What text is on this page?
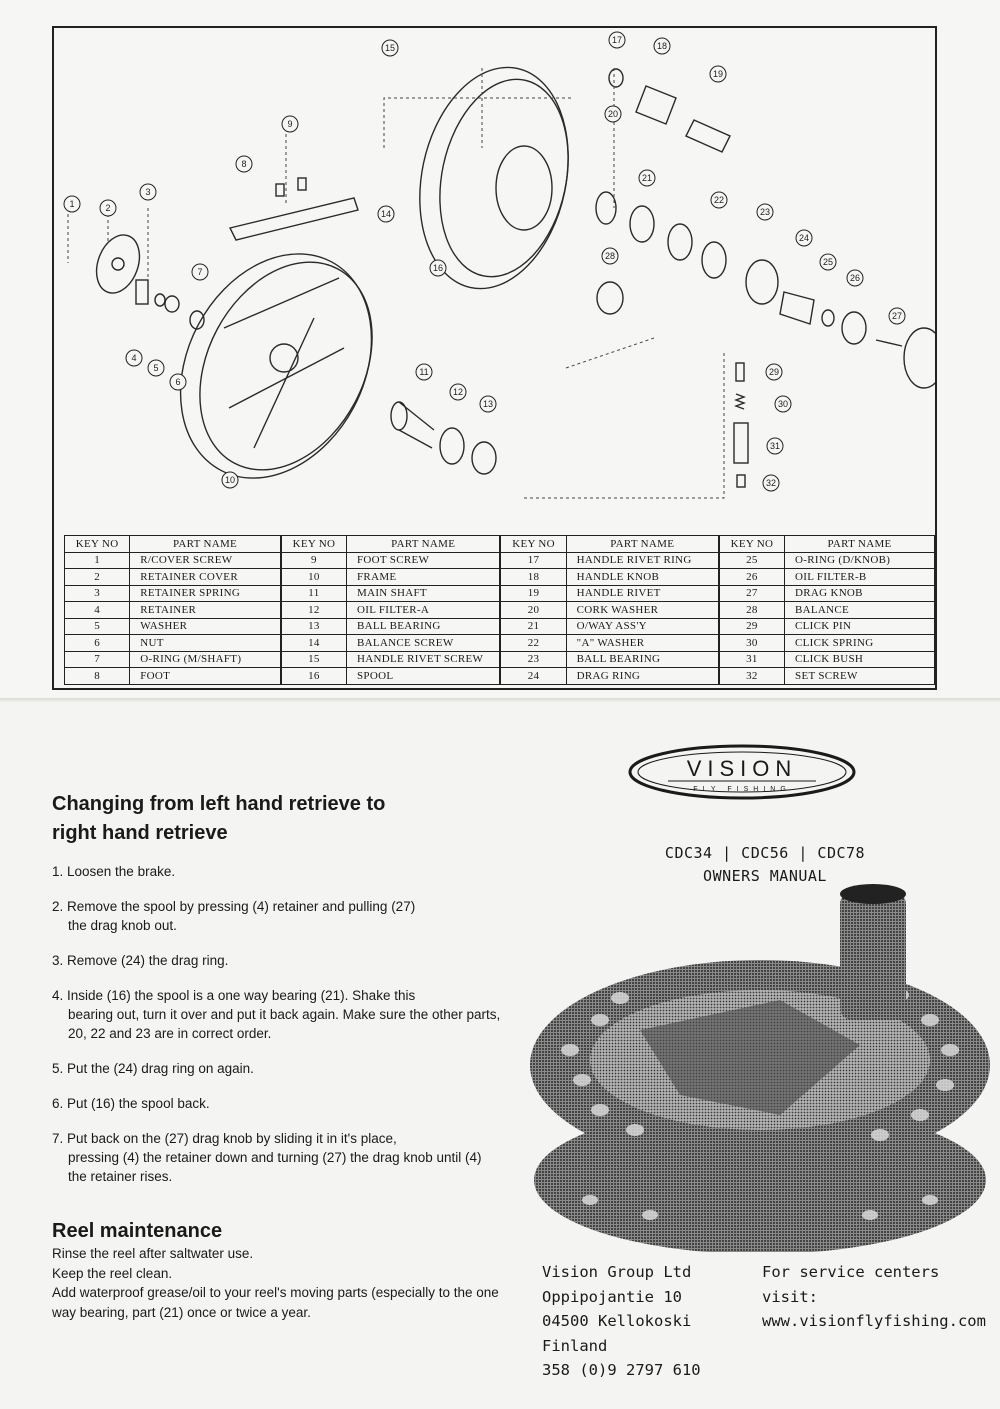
1	2
3
4
5
6
7
8
9
10
11
12
13
14
15
16
17
18
19
20
21
22
23
24
25
26
27
28
29
30
31
32
KEY NO	PART NAME	KEY NO	PART NAME	KEY NO	PART NAME	KEY NO	PART NAME
1	R/COVER SCREW	9	FOOT SCREW	17	HANDLE RIVET RING	25	O-RING (D/KNOB)
2	RETAINER COVER	10	FRAME	18	HANDLE KNOB	26	OIL FILTER-B
3	RETAINER SPRING	11	MAIN SHAFT	19	HANDLE RIVET	27	DRAG KNOB
4	RETAINER	12	OIL FILTER-A	20	CORK WASHER	28	BALANCE
5	WASHER	13	BALL BEARING	21	O/WAY ASS'Y	29	CLICK PIN
6	NUT	14	BALANCE SCREW	22	"A" WASHER	30	CLICK SPRING
7	O-RING (M/SHAFT)	15	HANDLE RIVET SCREW	23	BALL BEARING	31	CLICK BUSH
8	FOOT	16	SPOOL	24	DRAG RING	32	SET SCREW
Changing from left hand retrieve to
right hand retrieve
1. Loosen the brake.
2. Remove the spool by pressing (4) retainer and pulling (27)
the drag knob out.
3. Remove (24) the drag ring.
4. Inside (16) the spool is a one way bearing (21). Shake this
bearing out, turn it over and put it back again. Make sure the other parts, 20, 22 and 23 are in correct order.
5. Put the (24) drag ring on again.
6. Put (16) the spool back.
7. Put back on the (27) drag knob by sliding it in it's place,
pressing (4) the retainer down and turning (27) the drag knob until (4) the retainer rises.
Reel maintenance
Rinse the reel after saltwater use.
Keep the reel clean.
Add waterproof grease/oil to your reel's moving parts (especially to the one way bearing, part (21) once or twice a year.
VISION
FLY FISHING
CDC34 | CDC56 | CDC78
OWNERS MANUAL
Vision Group Ltd
Oppipojantie 10
04500 Kellokoski
Finland
358 (0)9 2797 610
For service centers visit:
www.visionflyfishing.com
